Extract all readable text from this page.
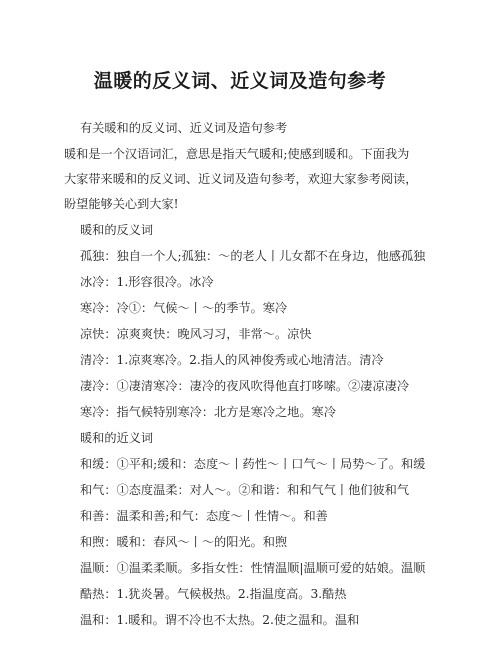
温暖的反义词、近义词及造句参考
有关暖和的反义词、近义词及造句参考
暖和是一个汉语词汇，意思是指天气暖和;使感到暖和。下面我为
大家带来暖和的反义词、近义词及造句参考，欢迎大家参考阅读，
盼望能够关心到大家!
暖和的反义词
孤独：独自一个人;孤独：～的老人丨儿女都不在身边，他感孤独
冰冷：1.形容很冷。冰冷
寒冷：冷①：气候～丨～的季节。寒冷
凉快：凉爽爽快：晚风习习，非常～。凉快
清冷：1.凉爽寒冷。2.指人的风神俊秀或心地清洁。清冷
凄冷：①凄清寒冷：凄冷的夜风吹得他直打哆嗦。②凄凉凄冷
寒冷：指气候特别寒冷：北方是寒冷之地。寒冷
暖和的近义词
和缓：①平和;缓和：态度～丨药性～丨口气～丨局势～了。和缓
和气：①态度温柔：对人～。②和谐：和和气气丨他们彼和气
和善：温柔和善;和气：态度～丨性情～。和善
和煦：暖和：春风～丨～的阳光。和煦
温顺：①温柔柔顺。多指女性：性情温顺|温顺可爱的姑娘。温顺
酷热：1.犹炎暑。气候极热。2.指温度高。3.酷热
温和：1.暖和。谓不冷也不太热。2.使之温和。温和
